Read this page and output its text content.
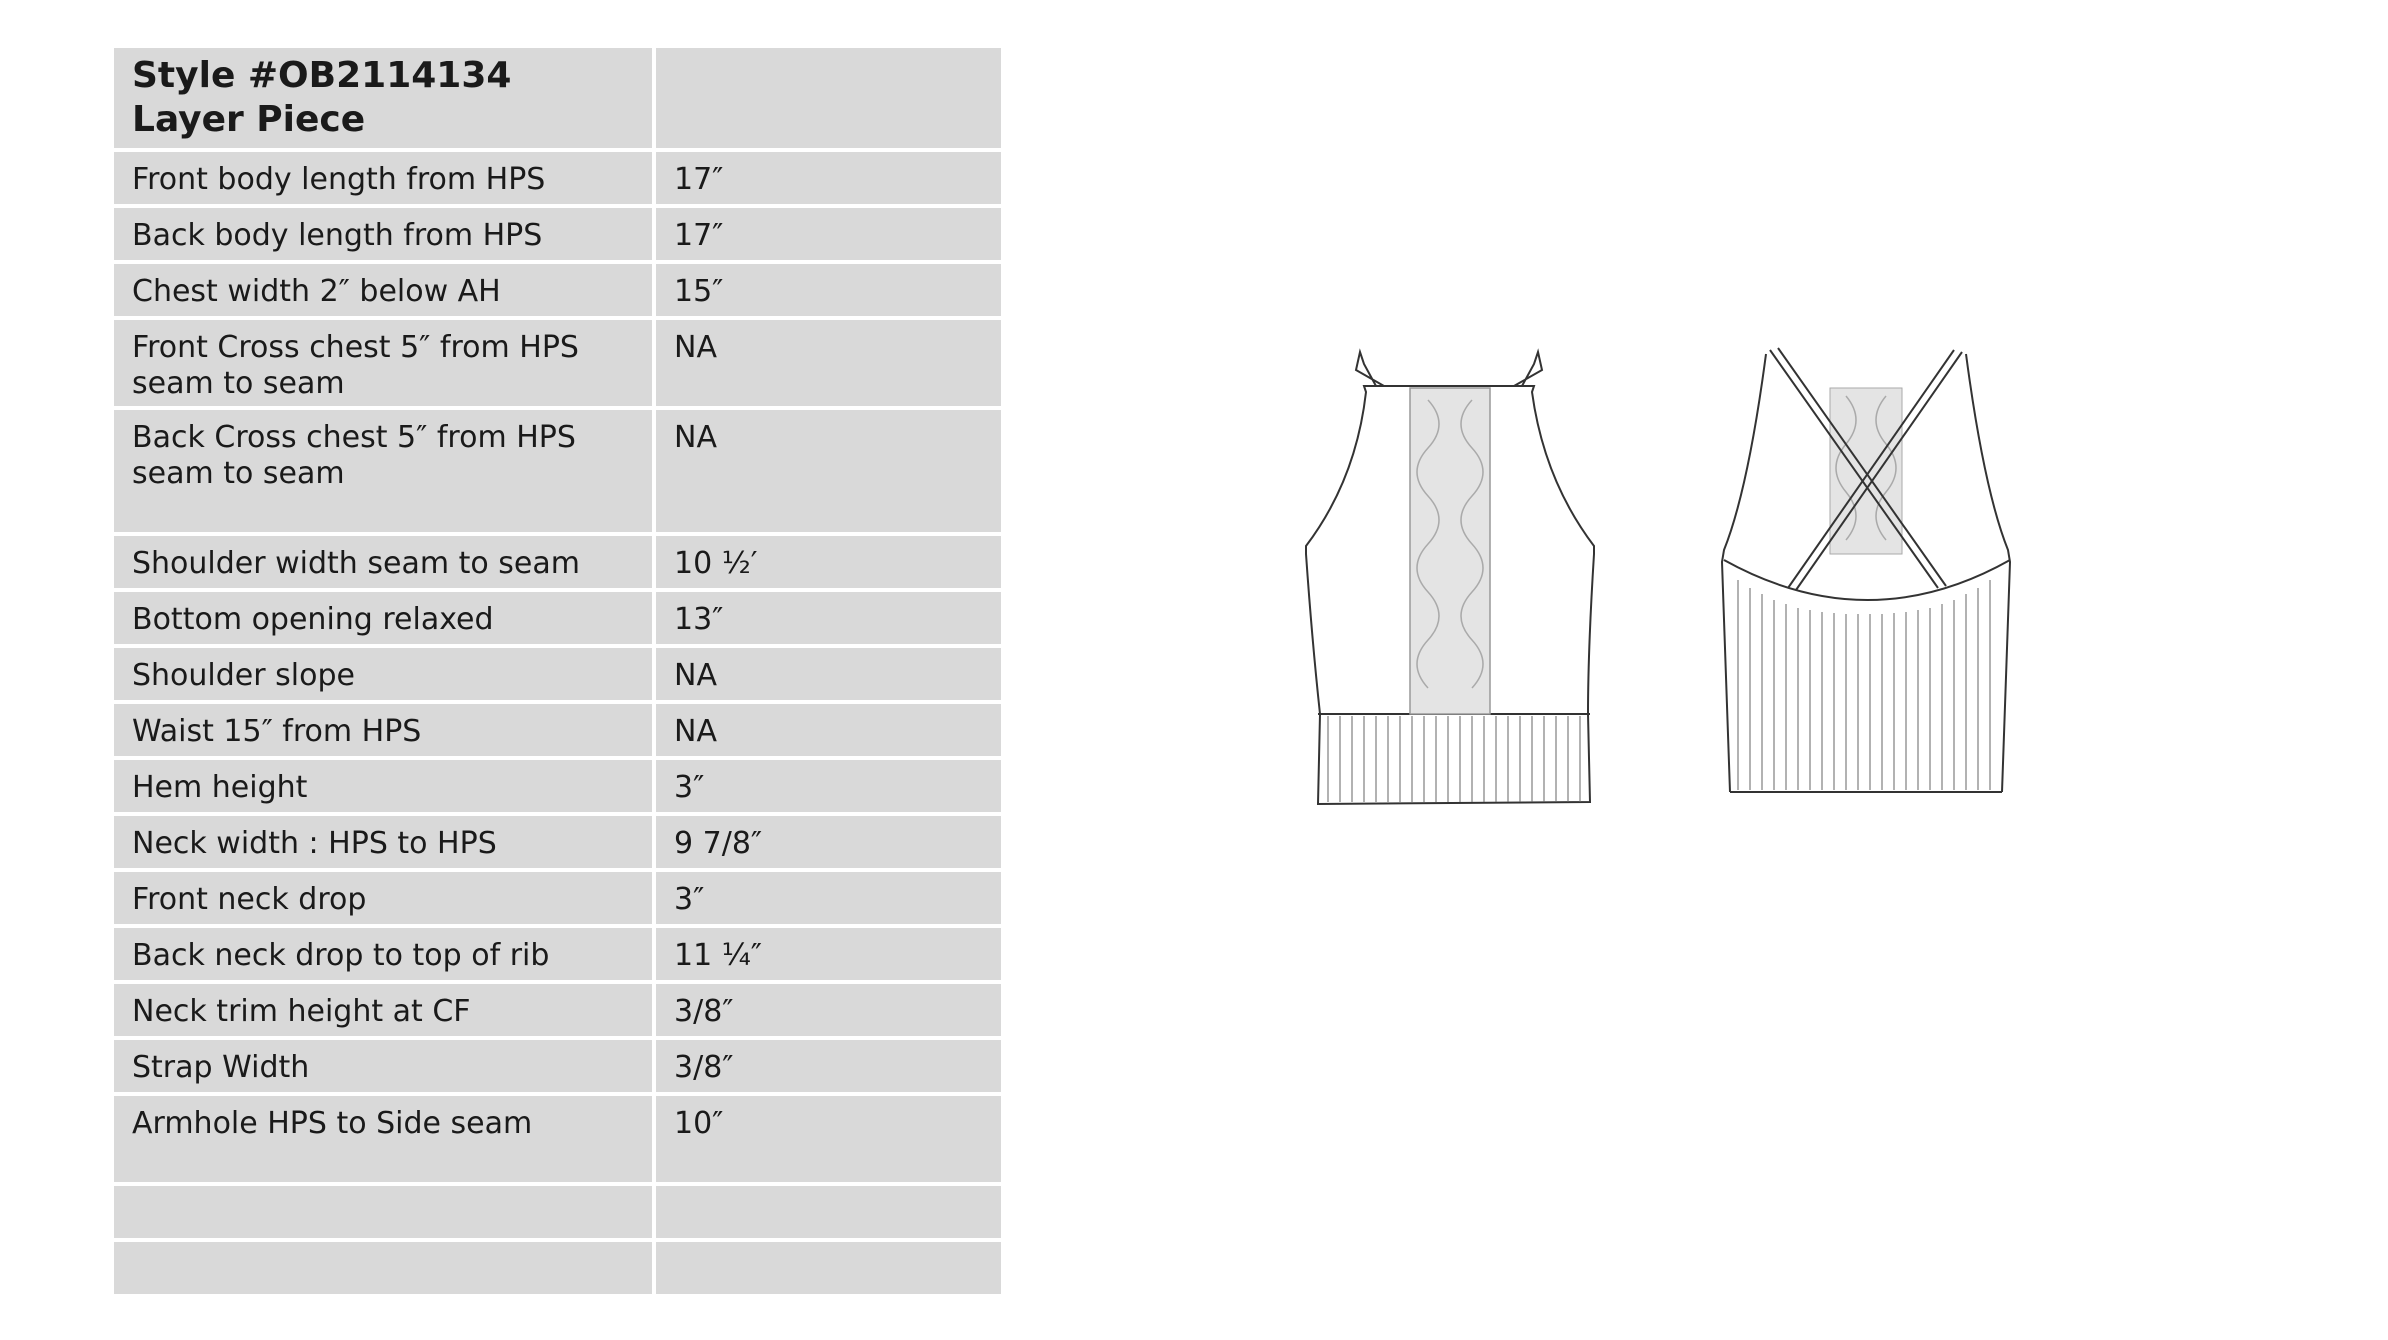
Style #OB2114134
Layer Piece	

Front body length from HPS	17″
Back body length from HPS	17″
Chest width 2″ below AH	15″
Front Cross chest 5″ from HPS seam to seam	NA
Back Cross chest 5″ from HPS seam to seam	NA
Shoulder width seam to seam	10 ½′
Bottom opening relaxed	13″
Shoulder slope	NA
Waist 15″ from HPS	NA
Hem height	3″
Neck width : HPS to HPS	9 7/8″
Front neck drop	3″
Back neck drop to top of rib	11 ¼″
Neck trim height at CF	3/8″
Strap Width	3/8″
Armhole HPS to Side seam	10″
